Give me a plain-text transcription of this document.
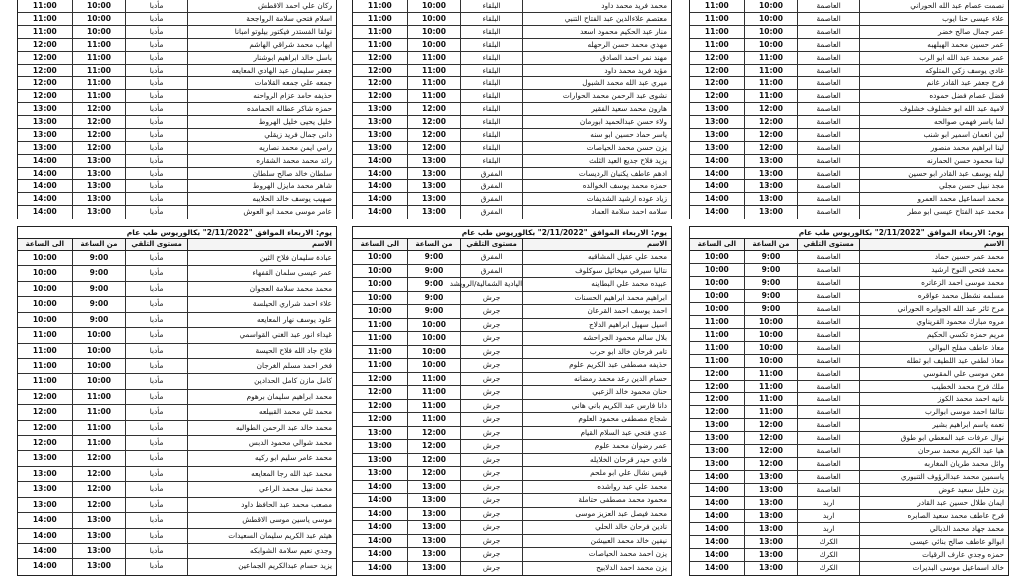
ركان علي احمد الاقطش
مأدبا
10:00
11:00
اسلام فتحي سلامة الرواجحة
مأدبا
10:00
11:00
تولقا الفستدر فيكتور بيلوتو امبانا
مأدبا
10:00
11:00
ايهاب محمد شراقي الهاشم
مأدبا
11:00
12:00
باسل خالد ابراهيم ابوشنار
مأدبا
11:00
12:00
جعفر سليمان عبد الهادي المعايعه
مأدبا
11:00
12:00
جمعه علي جمعه القلامات
مأدبا
11:00
12:00
حذيفه حامد عزام الرواحنه
مأدبا
11:00
12:00
حمزه شاكر عطاله الحمامده
مأدبا
12:00
13:00
خليل يحيى خليل الهروط
مأدبا
12:00
13:00
دانى جمال فريد زيقلي
مأدبا
12:00
13:00
رامي ايمن محمد نصاريه
مأدبا
12:00
13:00
رائد محمد محمد الشقاره
مأدبا
13:00
14:00
سلطان خالد صالح سلطان
مأدبا
13:00
14:00
شاهر محمد مايزل الهروط
مأدبا
13:00
14:00
صهيب يوسف خالد الحلايبه
مأدبا
13:00
14:00
عامر موسى محمد ابو العوش
مأدبا
13:00
14:00
يوم: الاربعاء الموافق "2/11/2022" بكالوريوس طب عام
الاسم
مستوى التلقي
من الساعة
الى الساعة
عبادة سليمان فلاح الثين
مأدبا
9:00
10:00
عمر عيسى سلمان القفهاء
مأدبا
9:00
10:00
محمد محمد سلامة العجوان
مأدبا
9:00
10:00
علاء احمد شراري الحيلسة
مأدبا
9:00
10:00
علود يوسف نهار المعايعه
مأدبا
9:00
10:00
غيداء انور عبد الغني القواسمي
مأدبا
10:00
11:00
فلاح جاد الله فلاح الحيسة
مأدبا
10:00
11:00
فخر احمد مسلم الغرجان
مأدبا
10:00
11:00
كامل مازن كامل الحدادين
مأدبا
10:00
11:00
محمد ابراهيم سليمان برهوم
مأدبا
11:00
12:00
محمد ثلي محمد القبيلعه
مأدبا
11:00
12:00
محمد خالد عبد الرحمن الطوالبه
مأدبا
11:00
12:00
محمد شوالي محمود الدبس
مأدبا
11:00
12:00
محمد عامر سليم ابو ركيه
مأدبا
12:00
13:00
محمد عبد الله رجا المعايعه
مأدبا
12:00
13:00
محمد نبيل محمد الراعي
مأدبا
12:00
13:00
مصعب محمد عبد الحافظ داود
مأدبا
12:00
13:00
موسى ياسين موسى الاقطش
مأدبا
13:00
14:00
هيثم عبد الكريم سليمان السعيدات
مأدبا
13:00
14:00
وجدي نعيم سلامة الشوابكه
مأدبا
13:00
14:00
يزيد حسام عبدالكريم الجماعين
مأدبا
13:00
14:00
محمد فريد محمد داود
البلقاء
10:00
11:00
معتصم علاءالدين عبد الفتاح التنبي
البلقاء
10:00
11:00
منار عبد الحكيم محمود اسعد
البلقاء
10:00
11:00
مهدي محمد حسن الرحهله
البلقاء
10:00
11:00
مهند نمر احمد الصادق
البلقاء
11:00
12:00
مؤيد فريد محمد داود
البلقاء
11:00
12:00
ميري عبد الله محمد الشبول
البلقاء
11:00
12:00
نشوى عبد الرحمن محمد الحوارات
البلقاء
11:00
12:00
هارون محمد سعيد الفقير
البلقاء
12:00
13:00
ولاء حسن عبدالحميد ابورمان
البلقاء
12:00
13:00
ياسر حماد حسين ابو سنه
البلقاء
12:00
13:00
يزن حسن محمد الحياصات
البلقاء
12:00
13:00
يزيد فلاح جديع العيد الثلث
البلقاء
13:00
14:00
ادهم عاطف يكنبان الرديسات
المفرق
13:00
14:00
حمزه محمد يوسف الخوالده
المفرق
13:00
14:00
زياد عوده ارشيد الشديفات
المفرق
13:00
14:00
سلامه احمد سلامة العماد
المفرق
13:00
14:00
يوم: الاربعاء الموافق "2/11/2022" بكالوريوس طب عام
الاسم
مستوى التلقي
من الساعة
الى الساعة
محمد علي عقيل المشاقبه
المفرق
9:00
10:00
نتاليا سيرفي ميخائيل سوكلوف
المفرق
9:00
10:00
عبيده محمد علي البطاينه
اليادية الشمالية/الرويشد
9:00
10:00
ابراهيم محمد ابراهيم الحسنات
جرش
9:00
10:00
احمد يوسف احمد القرعان
جرش
9:00
10:00
اسيل سهيل ابراهيم الدلاج
جرش
10:00
11:00
بلال سالم محمود الجراحشه
جرش
10:00
11:00
تامر فرحان خالد ابو حرب
جرش
10:00
11:00
حذيفه مصطفى عبد الكريم علوم
جرش
10:00
11:00
حسام الدين رعد محمد رمضانه
جرش
11:00
12:00
حنان محمود خالد الزعبي
جرش
11:00
12:00
دانا فارس عبد الكريم باني هاني
جرش
11:00
12:00
شجاع مصطفى محمود العلوم
جرش
11:00
12:00
عدي فتحي عبد السلام القيام
جرش
12:00
13:00
عمر رضوان محمد علوم
جرش
12:00
13:00
فادي حيدر قرحان الخلايله
جرش
12:00
13:00
قيس نشال علي ابو ملحم
جرش
12:00
13:00
محمد علي عبد رواشده
جرش
13:00
14:00
محمود محمد مصطفى حتاملة
جرش
13:00
14:00
محمد فيصل عبد العزيز موسى
جرش
13:00
14:00
نادين فرحان خالد الحلي
جرش
13:00
14:00
نيفين خالد محمد العبيشن
جرش
13:00
14:00
يزن احمد محمد الحياصات
جرش
13:00
14:00
يزن محمد احمد الدلابيح
جرش
13:00
14:00
نصمت عصام عبد الله الحوراني
العاصمة
10:00
11:00
علاء عيسى حنا ايوب
العاصمة
10:00
11:00
عمر جمال صالح خضر
العاصمة
10:00
11:00
عمر حسين محمد الهبلهبه
العاصمة
10:00
11:00
عمر محمد عبد الله ابو الرب
العاصمة
11:00
12:00
غادي يوسف زكي المتلوكه
العاصمة
11:00
12:00
فرح جعفر عبد القادر غانم
العاصمة
11:00
12:00
فضل عصام فضل حموده
العاصمة
11:00
12:00
لامية عبد الله ابو خشلوف خشلوف
العاصمة
12:00
13:00
لما ياسر فهمي صوالحه
العاصمة
12:00
13:00
لين انعمان اسمير ابو شنب
العاصمة
12:00
13:00
لينا ابراهيم محمد منصور
العاصمة
12:00
13:00
لينا محمود حسن الحمارنه
العاصمة
13:00
14:00
ليله يوسف عبد القادر ابو حسين
العاصمة
13:00
14:00
مجد نبيل حسن مجلي
العاصمة
13:00
14:00
محمد اسماعيل محمد العمرو
العاصمة
13:00
14:00
محمد عبد الفتاح عيسى ابو مطر
العاصمة
13:00
14:00
يوم: الاربعاء الموافق "2/11/2022" بكالوريوس طب عام
الاسم
مستوى التلقي
من الساعة
الى الساعة
محمد عمر حسين حماد
العاصمة
9:00
10:00
محمد فتحي النوح ارشيد
العاصمة
9:00
10:00
محمد موسى احمد الزعاتره
العاصمة
9:00
10:00
مسلمه نشطل محمد عواقره
العاصمة
9:00
10:00
مرح ثائر عبد الله الجوابره الحوراني
العاصمة
9:00
10:00
مروه مبارك محمود القريناوي
العاصمة
10:00
11:00
مريم حمزه تكسي الحكيم
العاصمة
10:00
11:00
معاذ عاطف مفلح البوالي
العاصمة
10:00
11:00
معاذ لطفي عبد اللطيف ابو ثطله
العاصمة
10:00
11:00
معن موسى علي المقوسي
العاصمة
11:00
12:00
ملك فرح محمد الخطيب
العاصمة
11:00
12:00
نانيه احمد محمد الكوز
العاصمة
11:00
12:00
نتالقا احمد موسى ابوالرب
العاصمة
11:00
12:00
نعمه ياسم ابراهيم بشير
العاصمة
12:00
13:00
نوال عرفات عبد المعطي ابو طوق
العاصمة
12:00
13:00
هيا عبد الكريم محمد سرحان
العاصمة
12:00
13:00
وائل محمد طريان المغاربه
العاصمة
12:00
13:00
ياسمين محمد عبدالرؤوف التنبوري
العاصمة
13:00
14:00
يزن خليل سعيد عوض
العاصمة
13:00
14:00
ايمان طلال حسين عبد القادر
اربد
13:00
14:00
فرح عاطف محمد سعيد الصابره
اربد
13:00
14:00
محمد جهاد محمد الدبالي
اربد
13:00
14:00
ابوالو عاطف صالح بنائي عيسى
الكرك
13:00
14:00
حمزه وجدي عارف الرقيات
الكرك
13:00
14:00
خالد اسماعيل موسى البديرات
الكرك
13:00
14:00
